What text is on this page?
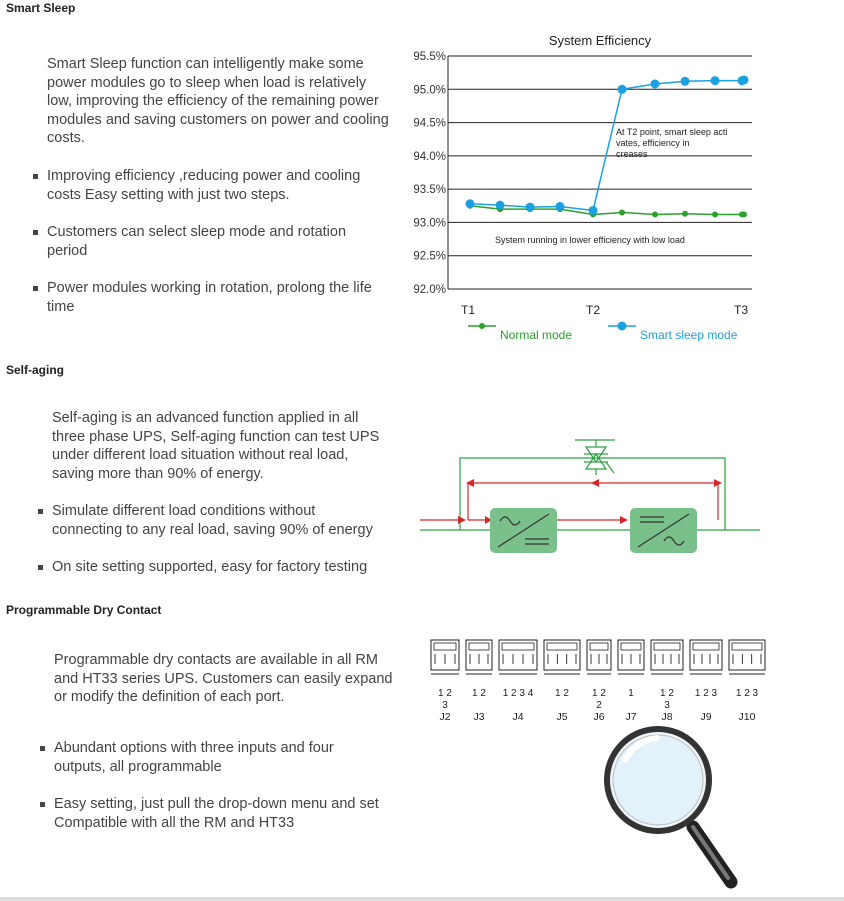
Smart Sleep
Smart Sleep function can intelligently make some power modules go to sleep when load is relatively low, improving the efficiency of the remaining power modules and saving customers on power and cooling costs.
Improving efficiency ,reducing power and cooling costs Easy setting with just two steps.
Customers can select sleep mode and rotation period
Power modules working in rotation, prolong the life time
System Efficiency
92.0%
92.5%
93.0%
93.5%
94.0%
94.5%
95.0%
95.5%
T1	T2	T3
At T2 point, smart sleep acti vates, efficiency in creases
System running in lower efficiency with low load
Normal mode	Smart sleep mode
Self-aging
Self-aging is an advanced function applied in all three phase UPS, Self-aging function can test UPS under different load situation without real load, saving more than 90% of energy.
Simulate different load conditions without connecting to any real load, saving 90% of energy
On site setting supported, easy for factory testing
Programmable Dry Contact
Programmable dry contacts are available in all RM and HT33 series UPS. Customers can easily expand or modify the definition of each port.
Abundant options with three inputs and four outputs, all programmable
Easy setting, just pull the drop-down menu and set Compatible with all the RM and HT33
1 2
3
J2
1 2
J3
1 2 3 4
J4
1 2
J5
1 2
2
J6
1
J7
1 2
3
J8
1 2 3
J9
1 2 3
J10
